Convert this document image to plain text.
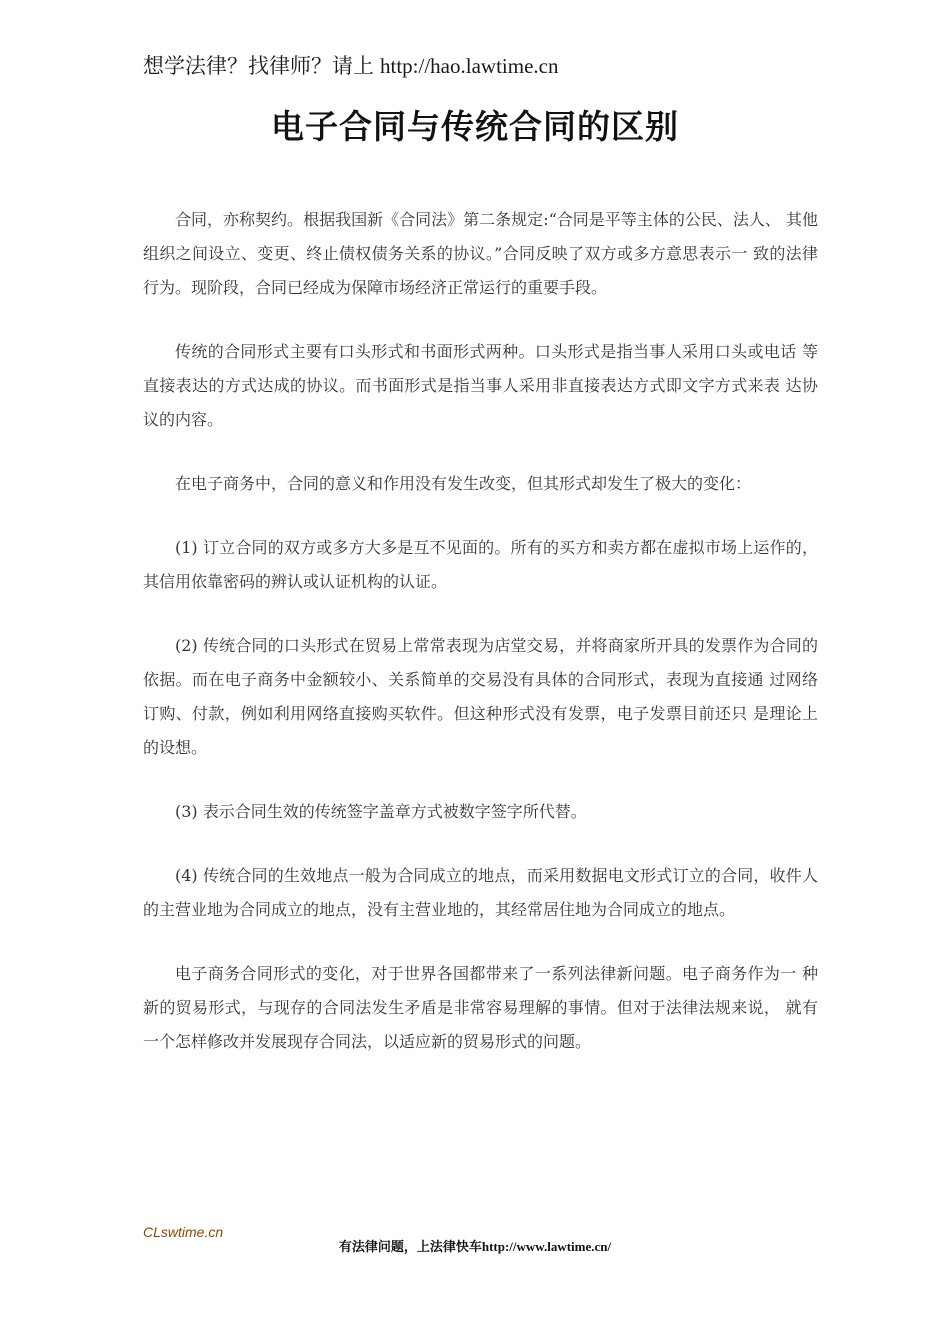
想学法律？找律师？请上 http://hao.lawtime.cn
电子合同与传统合同的区别

合同，亦称契约。根据我国新《合同法》第二条规定:“合同是平等主体的公民、法人、 其他组织之间设立、变更、终止债权债务关系的协议。”合同反映了双方或多方意思表示一 致的法律行为。现阶段，合同已经成为保障市场经济正常运行的重要手段。

传统的合同形式主要有口头形式和书面形式两种。口头形式是指当事人采用口头或电话 等直接表达的方式达成的协议。而书面形式是指当事人采用非直接表达方式即文字方式来表 达协议的内容。

在电子商务中，合同的意义和作用没有发生改变，但其形式却发生了极大的变化：

(1) 订立合同的双方或多方大多是互不见面的。所有的买方和卖方都在虚拟市场上运作的，其信用依靠密码的辨认或认证机构的认证。

(2) 传统合同的口头形式在贸易上常常表现为店堂交易，并将商家所开具的发票作为合同的依据。而在电子商务中金额较小、关系简单的交易没有具体的合同形式，表现为直接通 过网络订购、付款，例如利用网络直接购买软件。但这种形式没有发票，电子发票目前还只 是理论上的设想。

(3) 表示合同生效的传统签字盖章方式被数字签字所代替。

(4) 传统合同的生效地点一般为合同成立的地点，而采用数据电文形式订立的合同，收件人的主营业地为合同成立的地点，没有主营业地的，其经常居住地为合同成立的地点。

电子商务合同形式的变化，对于世界各国都带来了一系列法律新问题。电子商务作为一 种新的贸易形式，与现存的合同法发生矛盾是非常容易理解的事情。但对于法律法规来说， 就有一个怎样修改并发展现存合同法，以适应新的贸易形式的问题。

CLswtime.cn
有法律问题，上法律快车http://www.lawtime.cn/
